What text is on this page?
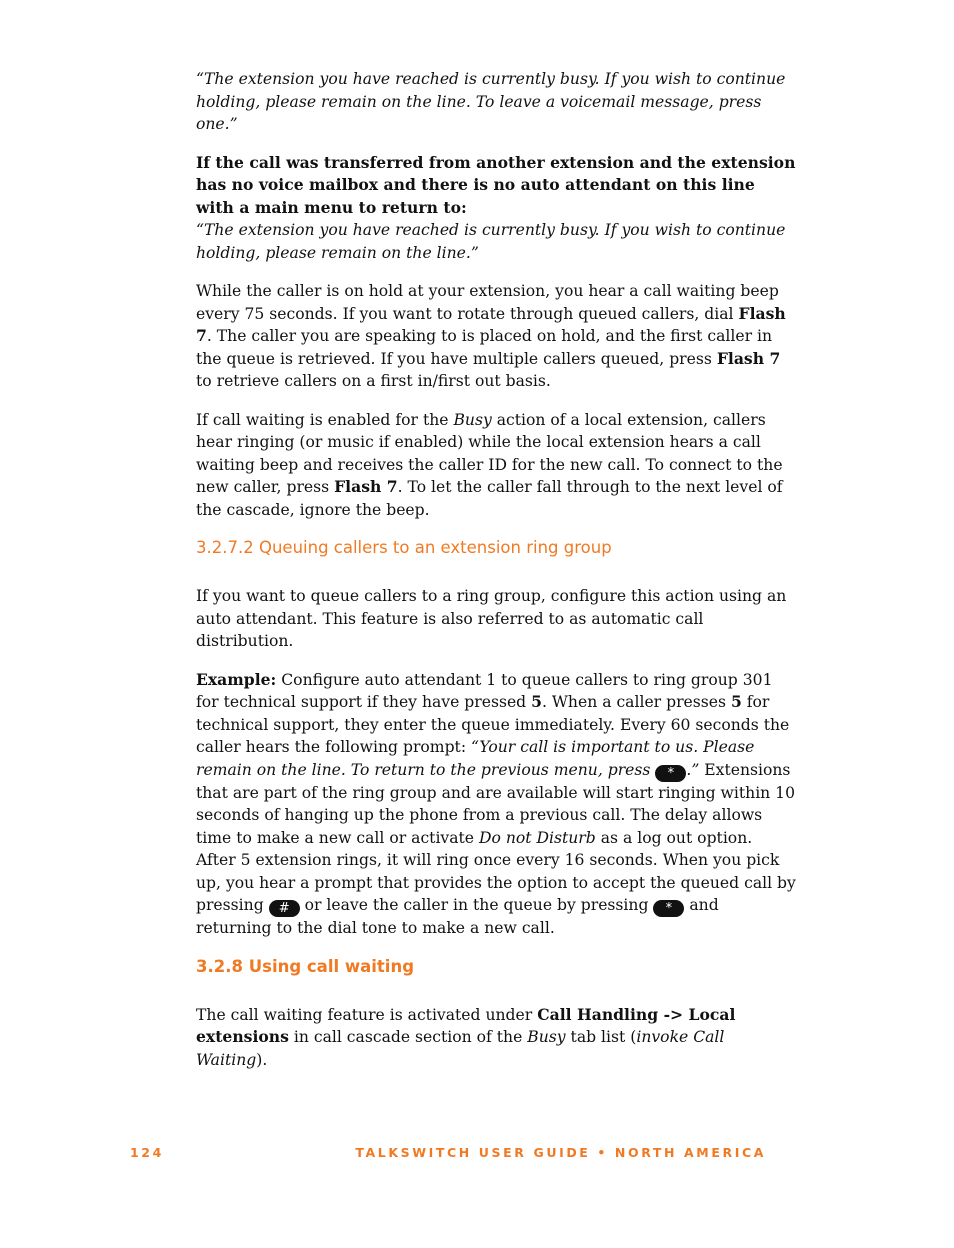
“The extension you have reached is currently busy. If you wish to continue holding, please remain on the line. To leave a voicemail message, press one.”

If the call was transferred from another extension and the extension has no voice mailbox and there is no auto attendant on this line with a main menu to return to:
“The extension you have reached is currently busy. If you wish to continue holding, please remain on the line.”

While the caller is on hold at your extension, you hear a call waiting beep every 75 seconds. If you want to rotate through queued callers, dial Flash 7. The caller you are speaking to is placed on hold, and the first caller in the queue is retrieved. If you have multiple callers queued, press Flash 7 to retrieve callers on a first in/first out basis.

If call waiting is enabled for the Busy action of a local extension, callers hear ringing (or music if enabled) while the local extension hears a call waiting beep and receives the caller ID for the new call. To connect to the new caller, press Flash 7. To let the caller fall through to the next level of the cascade, ignore the beep.

3.2.7.2 Queuing callers to an extension ring group

If you want to queue callers to a ring group, configure this action using an auto attendant. This feature is also referred to as automatic call distribution.

Example: Configure auto attendant 1 to queue callers to ring group 301 for technical support if they have pressed 5. When a caller presses 5 for technical support, they enter the queue immediately. Every 60 seconds the caller hears the following prompt: “Your call is important to us. Please remain on the line. To return to the previous menu, press * .” Extensions that are part of the ring group and are available will start ringing within 10 seconds of hanging up the phone from a previous call. The delay allows time to make a new call or activate Do not Disturb as a log out option. After 5 extension rings, it will ring once every 16 seconds. When you pick up, you hear a prompt that provides the option to accept the queued call by pressing # or leave the caller in the queue by pressing * and returning to the dial tone to make a new call.

3.2.8 Using call waiting

The call waiting feature is activated under Call Handling -> Local extensions in call cascade section of the Busy tab list (invoke Call Waiting).

124	TALKSWITCH USER GUIDE • NORTH AMERICA
